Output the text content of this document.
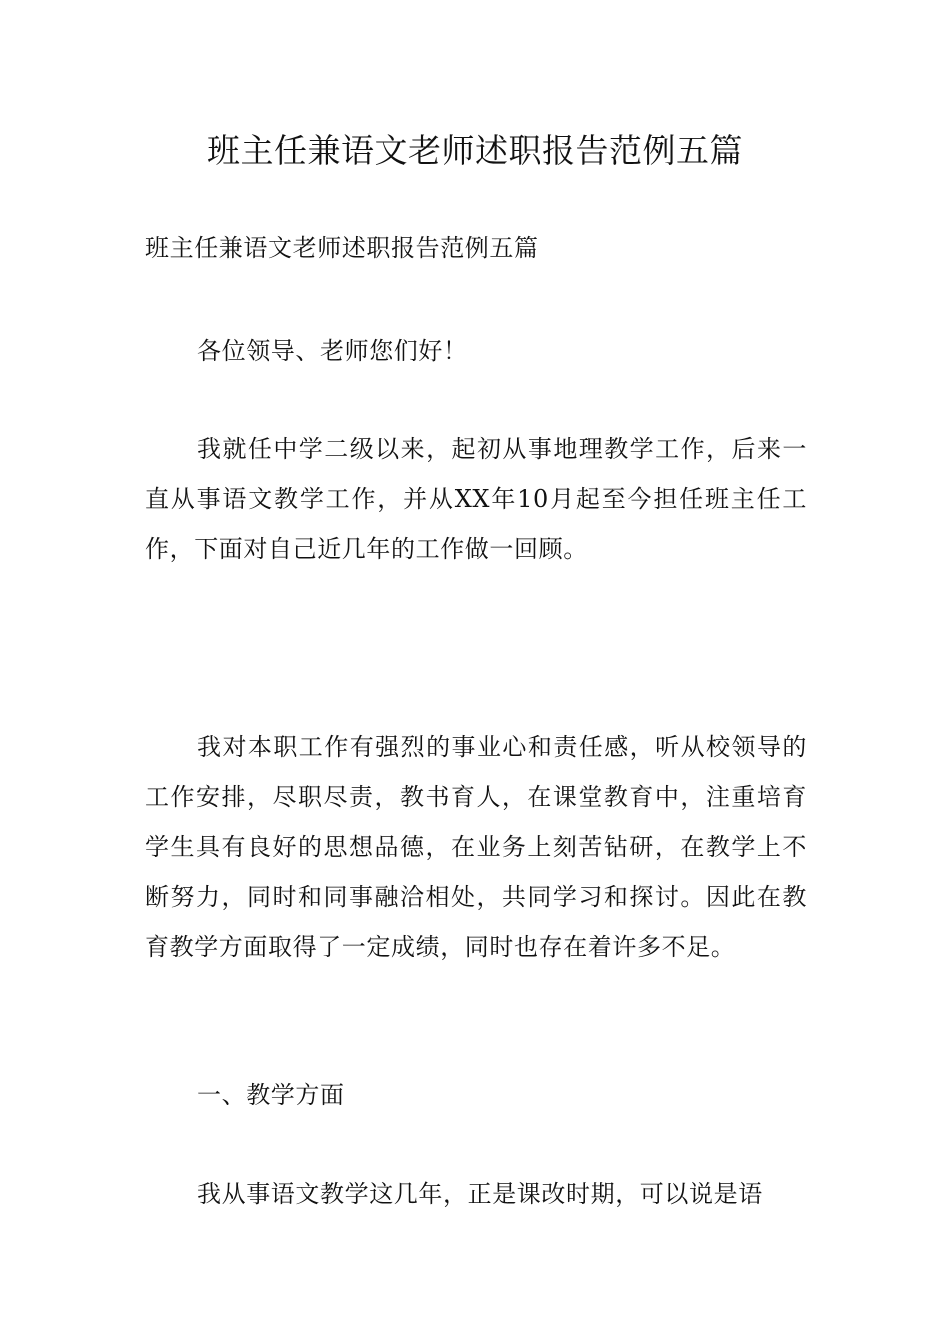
班主任兼语文老师述职报告范例五篇

班主任兼语文老师述职报告范例五篇

各位领导、老师您们好！

我就任中学二级以来，起初从事地理教学工作，后来一直从事语文教学工作，并从XX年10月起至今担任班主任工作，下面对自己近几年的工作做一回顾。

我对本职工作有强烈的事业心和责任感，听从校领导的工作安排，尽职尽责，教书育人，在课堂教育中，注重培育学生具有良好的思想品德，在业务上刻苦钻研，在教学上不断努力，同时和同事融洽相处，共同学习和探讨。因此在教育教学方面取得了一定成绩，同时也存在着许多不足。

一、教学方面

我从事语文教学这几年，正是课改时期，可以说是语
